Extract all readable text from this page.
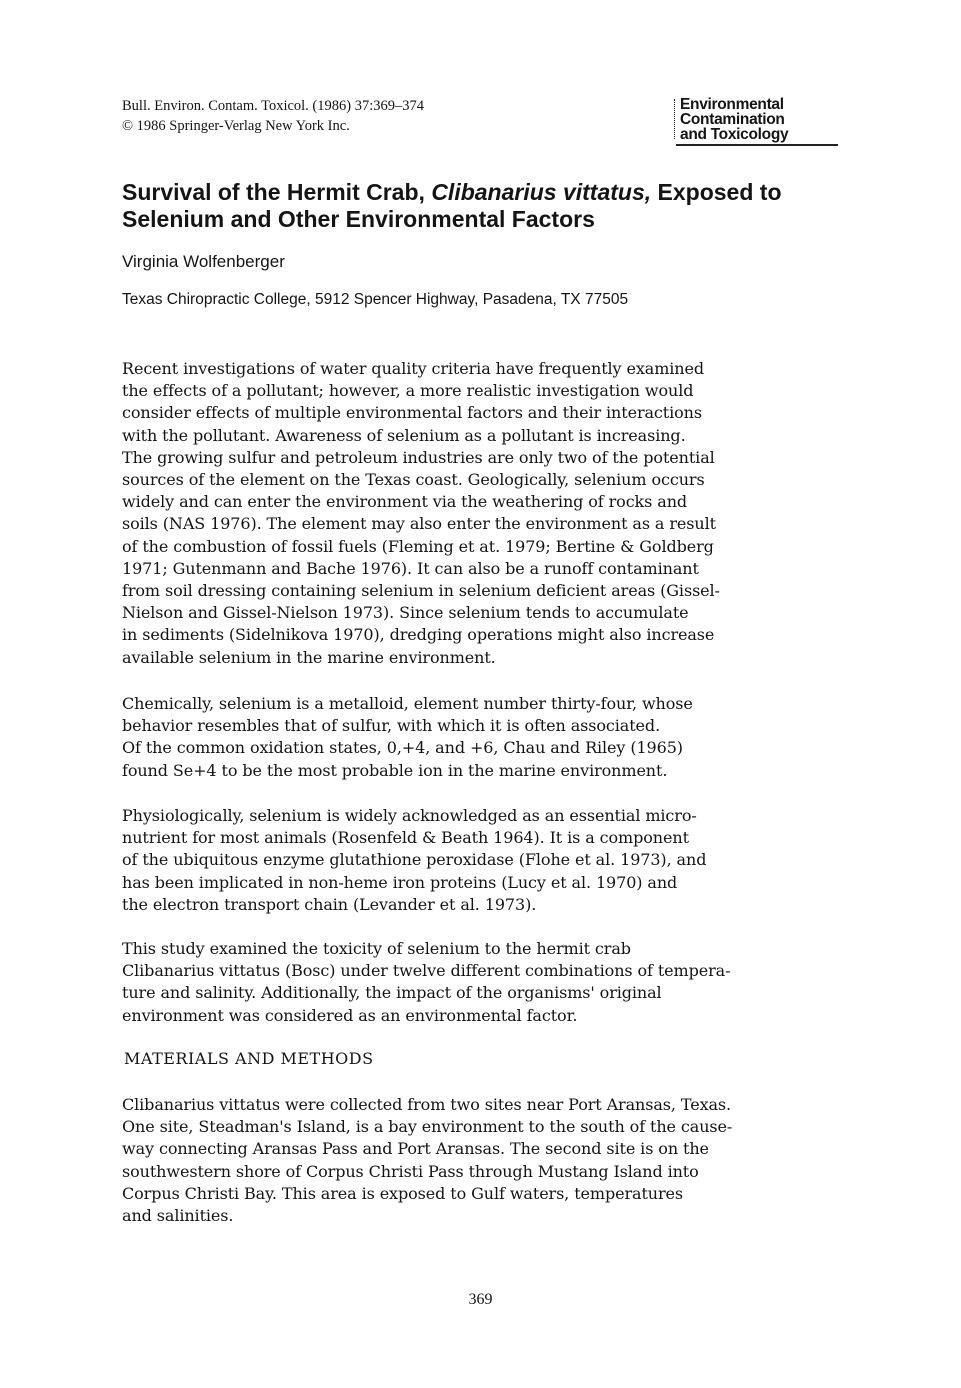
Bull. Environ. Contam. Toxicol. (1986) 37:369–374
© 1986 Springer-Verlag New York Inc.
Environmental
Contamination
and Toxicology
Survival of the Hermit Crab, Clibanarius vittatus, Exposed to Selenium and Other Environmental Factors
Virginia Wolfenberger
Texas Chiropractic College, 5912 Spencer Highway, Pasadena, TX 77505

Recent investigations of water quality criteria have frequently examined
the effects of a pollutant; however, a more realistic investigation would
consider effects of multiple environmental factors and their interactions
with the pollutant. Awareness of selenium as a pollutant is increasing.
The growing sulfur and petroleum industries are only two of the potential
sources of the element on the Texas coast. Geologically, selenium occurs
widely and can enter the environment via the weathering of rocks and
soils (NAS 1976). The element may also enter the environment as a result
of the combustion of fossil fuels (Fleming et at. 1979; Bertine & Goldberg
1971; Gutenmann and Bache 1976). It can also be a runoff contaminant
from soil dressing containing selenium in selenium deficient areas (Gissel-
Nielson and Gissel-Nielson 1973). Since selenium tends to accumulate
in sediments (Sidelnikova 1970), dredging operations might also increase
available selenium in the marine environment.

Chemically, selenium is a metalloid, element number thirty-four, whose
behavior resembles that of sulfur, with which it is often associated.
Of the common oxidation states, 0,+4, and +6, Chau and Riley (1965)
found Se+4 to be the most probable ion in the marine environment.

Physiologically, selenium is widely acknowledged as an essential micro-
nutrient for most animals (Rosenfeld & Beath 1964). It is a component
of the ubiquitous enzyme glutathione peroxidase (Flohe et al. 1973), and
has been implicated in non-heme iron proteins (Lucy et al. 1970) and
the electron transport chain (Levander et al. 1973).

This study examined the toxicity of selenium to the hermit crab
Clibanarius vittatus (Bosc) under twelve different combinations of tempera-
ture and salinity. Additionally, the impact of the organisms' original
environment was considered as an environmental factor.

MATERIALS AND METHODS

Clibanarius vittatus were collected from two sites near Port Aransas, Texas.
One site, Steadman's Island, is a bay environment to the south of the cause-
way connecting Aransas Pass and Port Aransas. The second site is on the
southwestern shore of Corpus Christi Pass through Mustang Island into
Corpus Christi Bay. This area is exposed to Gulf waters, temperatures
and salinities.

369
